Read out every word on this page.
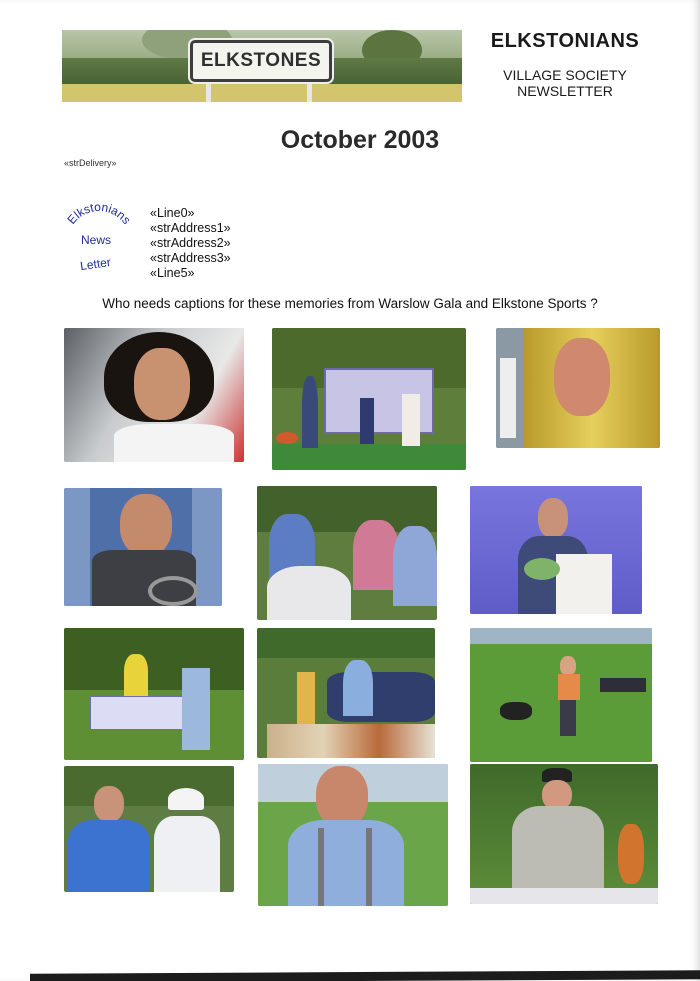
ELKSTONES
ELKSTONIANS
VILLAGE SOCIETY
NEWSLETTER
October 2003
«strDelivery»
Elkstonians
News
Letter
«Line0»
«strAddress1»
«strAddress2»
«strAddress3»
«Line5»
Who needs captions for these memories from Warslow Gala and Elkstone Sports ?
